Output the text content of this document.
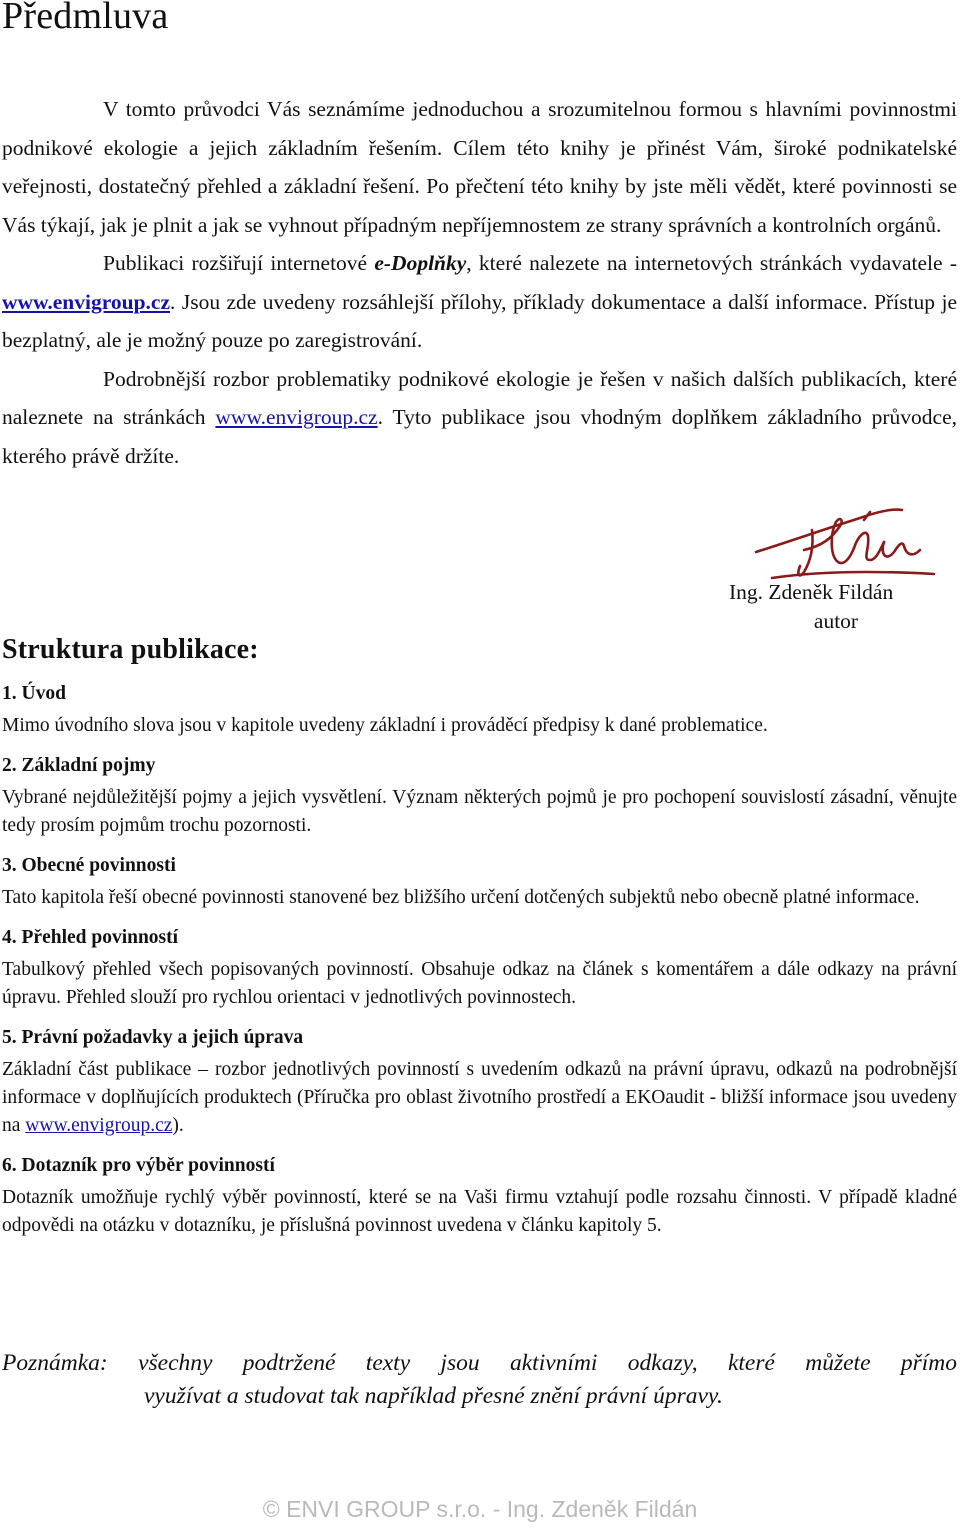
Předmluva

V tomto průvodci Vás seznámíme jednoduchou a srozumitelnou formou s hlavními povinnostmi podnikové ekologie a jejich základním řešením. Cílem této knihy je přinést Vám, široké podnikatelské veřejnosti, dostatečný přehled a základní řešení. Po přečtení této knihy by jste měli vědět, které povinnosti se Vás týkají, jak je plnit a jak se vyhnout případným nepříjemnostem ze strany správních a kontrolních orgánů.

Publikaci rozšiřují internetové e-Doplňky, které nalezete na internetových stránkách vydavatele - www.envigroup.cz. Jsou zde uvedeny rozsáhlejší přílohy, příklady dokumentace a další informace. Přístup je bezplatný, ale je možný pouze po zaregistrování.

Podrobnější rozbor problematiky podnikové ekologie je řešen v našich dalších publikacích, které naleznete na stránkách www.envigroup.cz. Tyto publikace jsou vhodným doplňkem základního průvodce, kterého právě držíte.

Ing. Zdeněk Fildán
autor
Struktura publikace:
1. Úvod

Mimo úvodního slova jsou v kapitole uvedeny základní i prováděcí předpisy k dané problematice.

2. Základní pojmy

Vybrané nejdůležitější pojmy a jejich vysvětlení. Význam některých pojmů je pro pochopení souvislostí zásadní, věnujte tedy prosím pojmům trochu pozornosti.

3. Obecné povinnosti

Tato kapitola řeší obecné povinnosti stanovené bez bližšího určení dotčených subjektů nebo obecně platné informace.

4. Přehled povinností

Tabulkový přehled všech popisovaných povinností. Obsahuje odkaz na článek s komentářem a dále odkazy na právní úpravu. Přehled slouží pro rychlou orientaci v jednotlivých povinnostech.

5. Právní požadavky a jejich úprava

Základní část publikace – rozbor jednotlivých povinností s uvedením odkazů na právní úpravu, odkazů na podrobnější informace v doplňujících produktech (Příručka pro oblast životního prostředí a EKOaudit - bližší informace jsou uvedeny na www.envigroup.cz).

6. Dotazník pro výběr povinností

Dotazník umožňuje rychlý výběr povinností, které se na Vaši firmu vztahují podle rozsahu činnosti. V případě kladné odpovědi na otázku v dotazníku, je příslušná povinnost uvedena v článku kapitoly 5.

Poznámka: všechny podtržené texty jsou aktivními odkazy, které můžete přímo
využívat a studovat tak například přesné znění právní úpravy.
© ENVI GROUP s.r.o. - Ing. Zdeněk Fildán
